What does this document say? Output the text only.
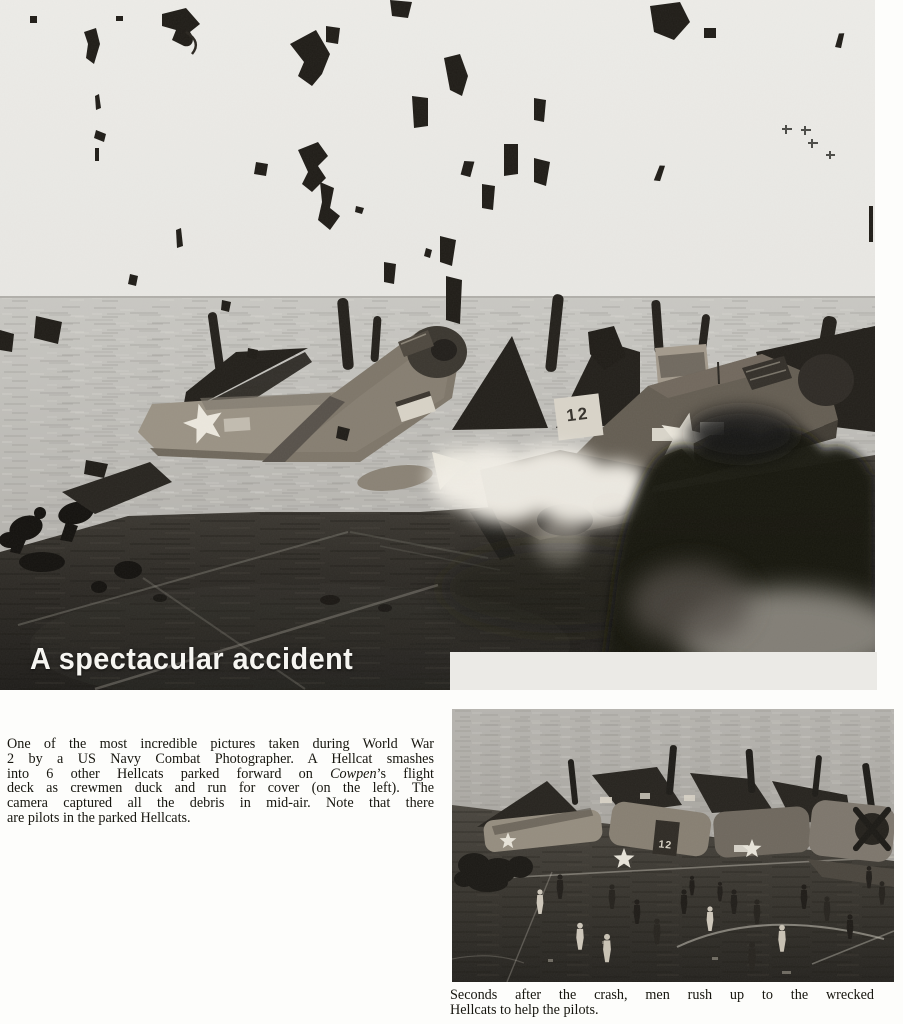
12
A spectacular accident
One of the most incredible pictures taken during World War
2 by a US Navy Combat Photographer. A Hellcat smashes
into 6 other Hellcats parked forward on Cowpen’s flight
deck as crewmen duck and run for cover (on the left). The
camera captured all the debris in mid-air. Note that there
are pilots in the parked Hellcats.
12
Seconds after the crash, men rush up to the wrecked
Hellcats to help the pilots.
